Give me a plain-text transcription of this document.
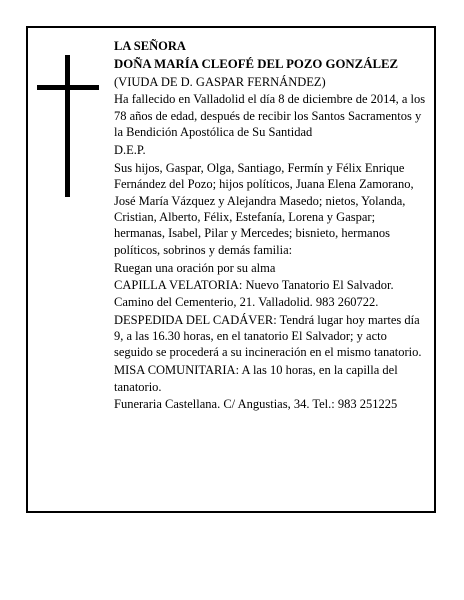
LA SEÑORA

DOÑA MARÍA CLEOFÉ DEL POZO GONZÁLEZ

(VIUDA DE D. GASPAR FERNÁNDEZ)

Ha fallecido en Valladolid el día 8 de diciembre de 2014, a los 78 años de edad, después de recibir los Santos Sacramentos y la Bendición Apostólica de Su Santidad

D.E.P.

Sus hijos, Gaspar, Olga, Santiago, Fermín y Félix Enrique Fernández del Pozo; hijos políticos, Juana Elena Zamorano, José María Vázquez y Alejandra Masedo; nietos, Yolanda, Cristian, Alberto, Félix, Estefanía, Lorena y Gaspar; hermanas, Isabel, Pilar y Mercedes; bisnieto, hermanos políticos, sobrinos y demás familia:

Ruegan una oración por su alma

CAPILLA VELATORIA: Nuevo Tanatorio El Salvador. Camino del Cementerio, 21. Valladolid. 983 260722.

DESPEDIDA DEL CADÁVER: Tendrá lugar hoy martes día 9, a las 16.30 horas, en el tanatorio El Salvador; y acto seguido se procederá a su incineración en el mismo tanatorio.

MISA COMUNITARIA: A las 10 horas, en la capilla del tanatorio.

Funeraria Castellana. C/ Angustias, 34. Tel.: 983 251225
